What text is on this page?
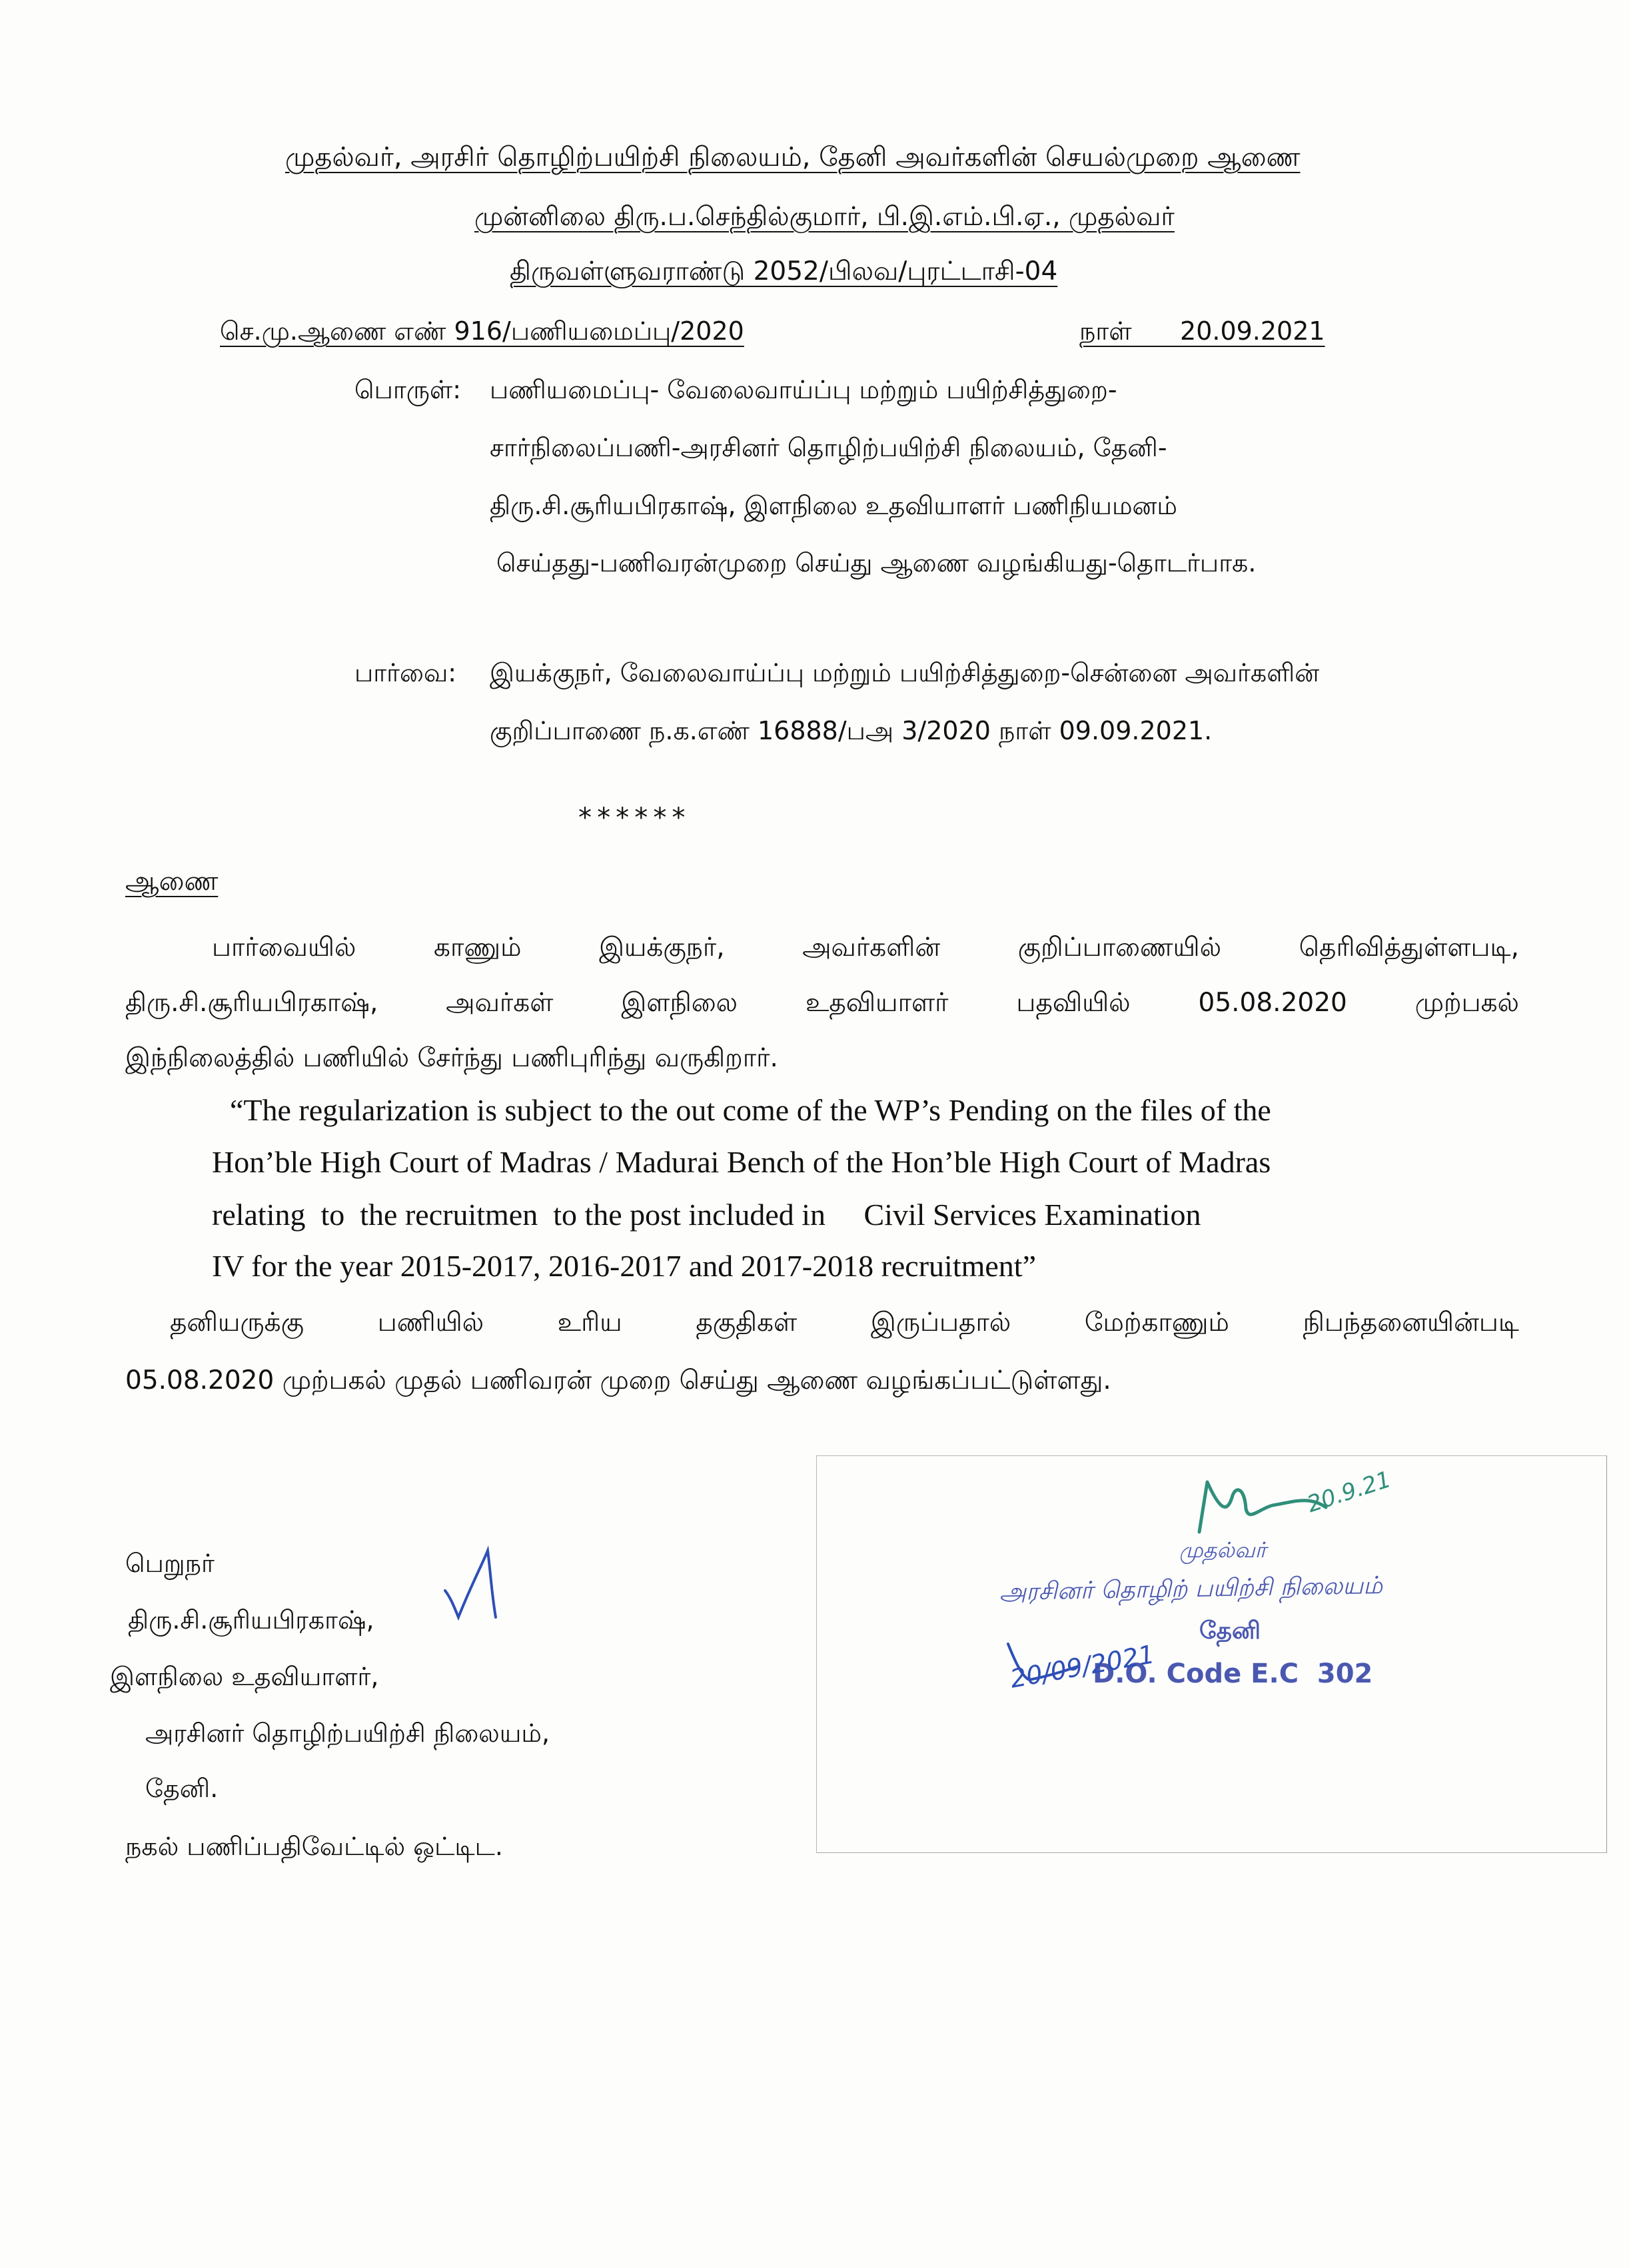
முதல்வர், அரசிர் தொழிற்பயிற்சி நிலையம், தேனி அவர்களின் செயல்முறை ஆணை
முன்னிலை திரு.ப.செந்தில்குமார், பி.இ.எம்.பி.ஏ., முதல்வர்
திருவள்ளுவராண்டு 2052/பிலவ/புரட்டாசி-04
செ.மு.ஆணை எண் 916/பணியமைப்பு/2020	நாள் 20.09.2021
பொருள்: பணியமைப்பு- வேலைவாய்ப்பு மற்றும் பயிற்சித்துறை-
சார்நிலைப்பணி-அரசினர் தொழிற்பயிற்சி நிலையம், தேனி-
திரு.சி.சூரியபிரகாஷ், இளநிலை உதவியாளர் பணிநியமனம்
செய்தது-பணிவரன்முறை செய்து ஆணை வழங்கியது-தொடர்பாக.
பார்வை: இயக்குநர், வேலைவாய்ப்பு மற்றும் பயிற்சித்துறை-சென்னை அவர்களின்
குறிப்பாணை ந.க.எண் 16888/பஅ 3/2020 நாள் 09.09.2021.
******
ஆணை
பார்வையில்	காணும்	இயக்குநர்,	அவர்களின்	குறிப்பாணையில்	தெரிவித்துள்ளபடி,
திரு.சி.சூரியபிரகாஷ்,	அவர்கள்	இளநிலை	உதவியாளர்	பதவியில்	05.08.2020	முற்பகல்
இந்நிலைத்தில் பணியில் சேர்ந்து பணிபுரிந்து வருகிறார்.
“The regularization is subject to the out come of the WP’s Pending on the files of the
Hon’ble High Court of Madras / Madurai Bench of the Hon’ble High Court of Madras
relating  to  the recruitmen  to the post included in     Civil Services Examination
IV for the year 2015-2017, 2016-2017 and 2017-2018 recruitment”
தனியருக்கு	பணியில்	உரிய	தகுதிகள்	இருப்பதால்	மேற்காணும்	நிபந்தனையின்படி
05.08.2020 முற்பகல் முதல் பணிவரன் முறை செய்து ஆணை வழங்கப்பட்டுள்ளது.
20.9.21
முதல்வர்
அரசினர் தொழிற் பயிற்சி நிலையம்
தேனி
D.O. Code E.C  302
20/09/2021
பெறுநர்
திரு.சி.சூரியபிரகாஷ்,
இளநிலை உதவியாளர்,
அரசினர் தொழிற்பயிற்சி நிலையம்,
தேனி.
நகல் பணிப்பதிவேட்டில் ஒட்டிட.
